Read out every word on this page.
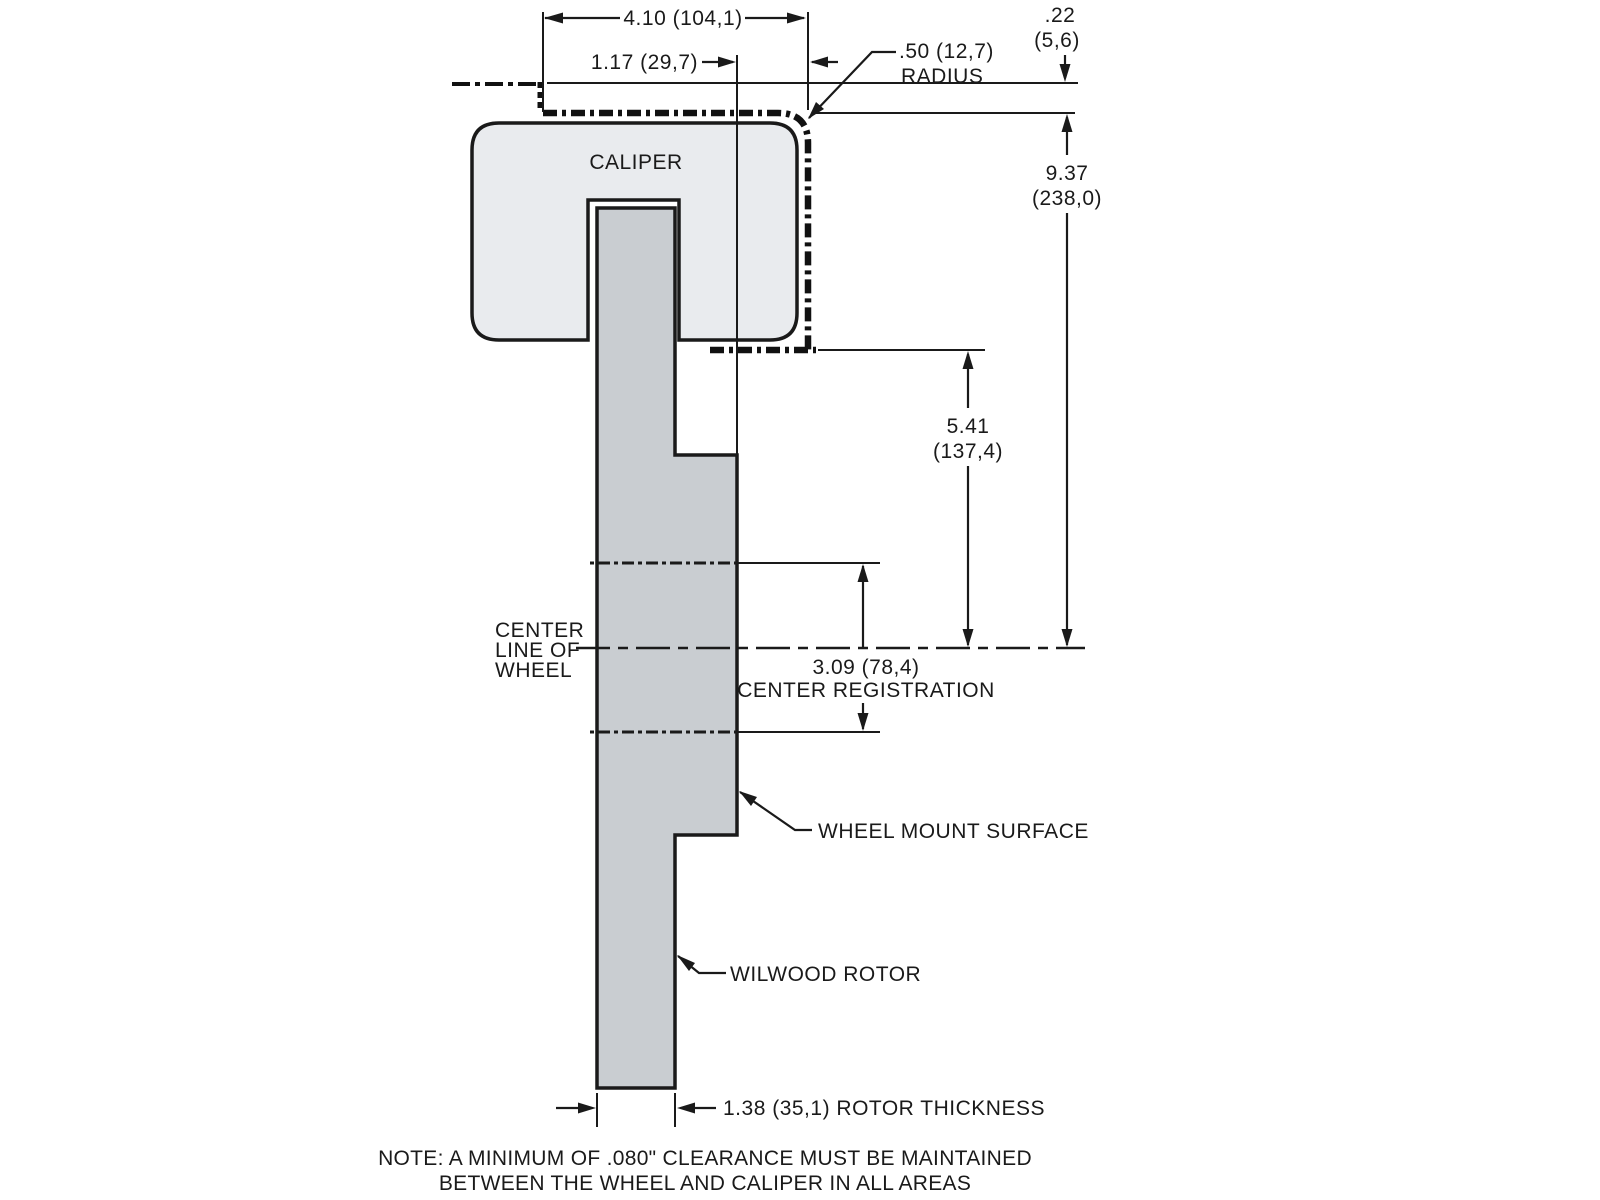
4.10 (104,1)
1.17 (29,7)	.50 (12,7)
RADIUS
.22
(5,6)
9.37
(238,0)
5.41
(137,4)
CALIPER
CENTER
LINE OF
WHEEL	3.09 (78,4)
CENTER REGISTRATION
WHEEL MOUNT SURFACE
WILWOOD ROTOR
1.38 (35,1) ROTOR THICKNESS
NOTE: A MINIMUM OF .080" CLEARANCE MUST BE MAINTAINED
BETWEEN THE WHEEL AND CALIPER IN ALL AREAS
